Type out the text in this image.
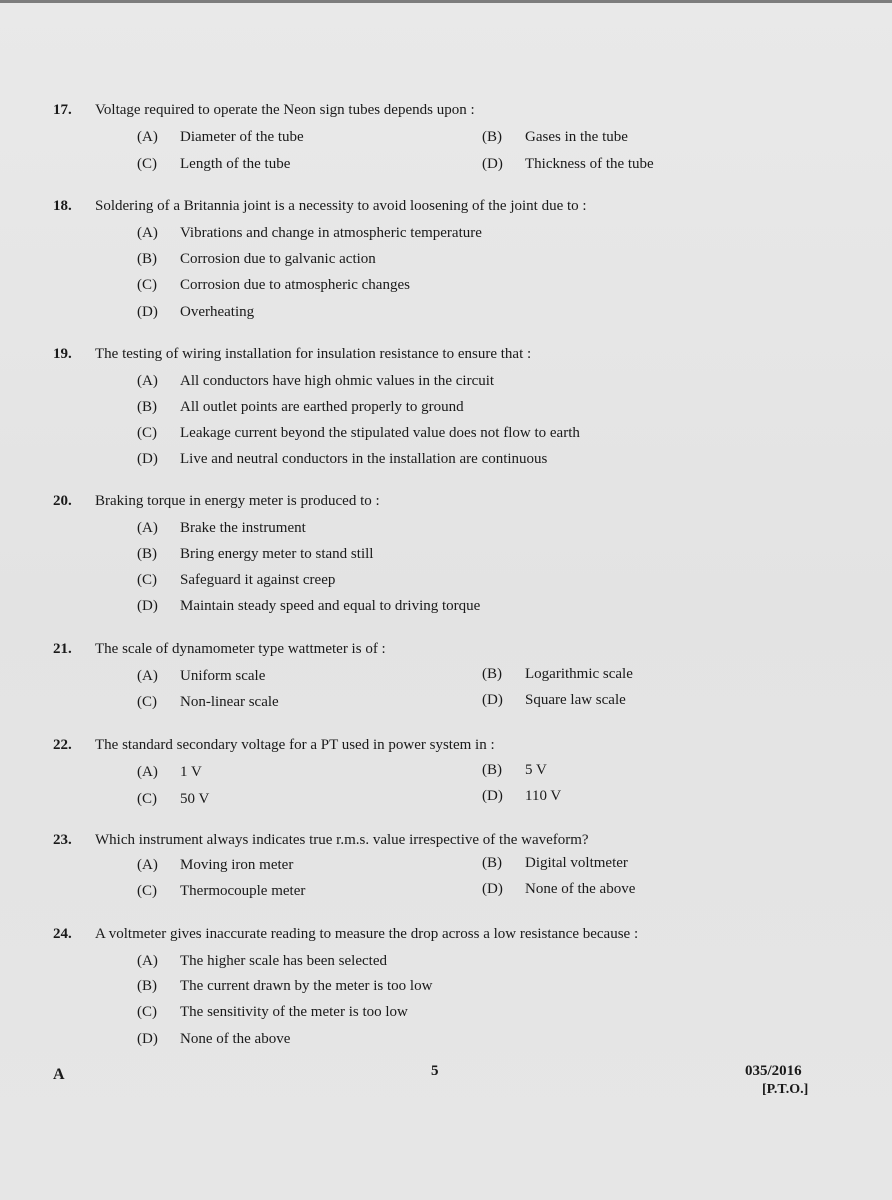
17. Voltage required to operate the Neon sign tubes depends upon :
(A) Diameter of the tube	(B) Gases in the tube
(C) Length of the tube	(D) Thickness of the tube
18. Soldering of a Britannia joint is a necessity to avoid loosening of the joint due to :
(A) Vibrations and change in atmospheric temperature
(B) Corrosion due to galvanic action
(C) Corrosion due to atmospheric changes
(D) Overheating
19. The testing of wiring installation for insulation resistance to ensure that :
(A) All conductors have high ohmic values in the circuit
(B) All outlet points are earthed properly to ground
(C) Leakage current beyond the stipulated value does not flow to earth
(D) Live and neutral conductors in the installation are continuous
20. Braking torque in energy meter is produced to :
(A) Brake the instrument
(B) Bring energy meter to stand still
(C) Safeguard it against creep
(D) Maintain steady speed and equal to driving torque
21. The scale of dynamometer type wattmeter is of :
(A) Uniform scale	(B) Logarithmic scale
(C) Non-linear scale	(D) Square law scale
22. The standard secondary voltage for a PT used in power system in :
(A) 1 V	(B) 5 V
(C) 50 V	(D) 110 V
23. Which instrument always indicates true r.m.s. value irrespective of the waveform?
(A) Moving iron meter	(B) Digital voltmeter
(C) Thermocouple meter	(D) None of the above
24. A voltmeter gives inaccurate reading to measure the drop across a low resistance because :
(A) The higher scale has been selected
(B) The current drawn by the meter is too low
(C) The sensitivity of the meter is too low
(D) None of the above
A	5	035/2016
[P.T.O.]
